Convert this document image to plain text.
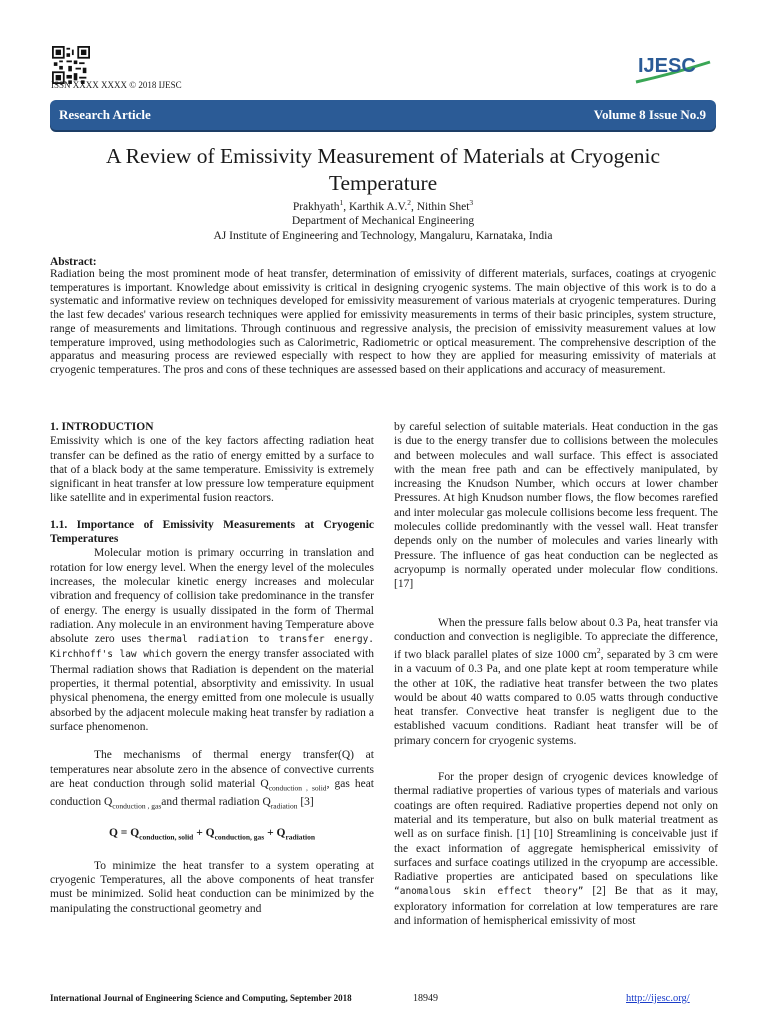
ISSN XXXX XXXX © 2018 IJESC
IJESC
Research Article	Volume 8 Issue No.9
A Review of Emissivity Measurement of Materials at Cryogenic Temperature
Prakhyath$^1$, Karthik A.V.$^2$, Nithin Shet$^3$
Department of Mechanical Engineering
AJ Institute of Engineering and Technology, Mangaluru, Karnataka, India
Abstract:
Radiation being the most prominent mode of heat transfer, determination of emissivity of different materials, surfaces, coatings at cryogenic temperatures is important. Knowledge about emissivity is critical in designing cryogenic systems. The main objective of this work is to do a systematic and informative review on techniques developed for emissivity measurement of various materials at cryogenic temperatures. During the last few decades' various research techniques were applied for emissivity measurements in terms of their basic principles, system structure, range of measurements and limitations. Through continuous and regressive analysis, the precision of emissivity measurement values at low temperature improved, using methodologies such as Calorimetric, Radiometric or optical measurement. The comprehensive description of the apparatus and measuring process are reviewed especially with respect to how they are applied for measuring emissivity of materials at cryogenic temperatures. The pros and cons of these techniques are assessed based on their applications and accuracy of measurement.

1. INTRODUCTION

Emissivity which is one of the key factors affecting radiation heat transfer can be defined as the ratio of energy emitted by a surface to that of a black body at the same temperature. Emissivity is extremely significant in heat transfer at low pressure low temperature equipment like satellite and in experimental fusion reactors.

1.1. Importance of Emissivity Measurements at Cryogenic Temperatures

Molecular motion is primary occurring in translation and rotation for low energy level. When the energy level of the molecules increases, the molecular kinetic energy increases and molecular vibration and frequency of collision take predominance in the transfer of energy. The energy is usually dissipated in the form of Thermal radiation. Any molecule in an environment having Temperature above absolute zero uses thermal radiation to transfer energy. Kirchhoff's law which govern the energy transfer associated with Thermal radiation shows that Radiation is dependent on the material properties, it thermal potential, absorptivity and emissivity. In usual physical phenomena, the energy emitted from one molecule is usually absorbed by the adjacent molecule making heat transfer by radiation a surface phenomenon.

The mechanisms of thermal energy transfer(Q) at temperatures near absolute zero in the absence of convective currents are heat conduction through solid material $Q_{conduction , solid}$, gas heat conduction $Q_{conduction , gas}and$ thermal radiation $Q_{radiation}$ [3]

$Q = Q_{conduction, solid} + Q_{conduction, gas} + Q_{radiation}$

To minimize the heat transfer to a system operating at cryogenic Temperatures, all the above components of heat transfer must be minimized. Solid heat conduction can be minimized by the manipulating the constructional geometry and

by careful selection of suitable materials. Heat conduction in the gas is due to the energy transfer due to collisions between the molecules and between molecules and wall surface. This effect is associated with the mean free path and can be effectively manipulated, by increasing the Knudson Number, which occurs at lower chamber Pressures. At high Knudson number flows, the flow becomes rarefied and inter molecular gas molecule collisions become less frequent. The molecules collide predominantly with the vessel wall. Heat transfer depends only on the number of molecules and varies linearly with Pressure. The influence of gas heat conduction can be neglected as acryopump is normally operated under molecular flow conditions. [17]

When the pressure falls below about 0.3 Pa, heat transfer via conduction and convection is negligible. To appreciate the difference, if two black parallel plates of size 1000 $cm^2$, separated by 3 cm were in a vacuum of 0.3 Pa, and one plate kept at room temperature while the other at 10K, the radiative heat transfer between the two plates would be about 40 watts compared to 0.05 watts through conductive heat transfer. Convective heat transfer is negligent due to the established vacuum conditions. Radiant heat transfer will be of primary concern for cryogenic systems.

For the proper design of cryogenic devices knowledge of thermal radiative properties of various types of materials and various coatings are often required. Radiative properties depend not only on material and its temperature, but also on bulk material treatment as well as on surface finish. [1] [10] Streamlining is conceivable just if the exact information of aggregate hemispherical emissivity of surfaces and surface coatings utilized in the cryopump are accessible. Radiative properties are anticipated based on speculations like “anomalous skin effect theory” [2] Be that as it may, exploratory information for correlation at low temperatures are rare and information of hemispherical emissivity of most

International Journal of Engineering Science and Computing, September 2018	18949	http://ijesc.org/
